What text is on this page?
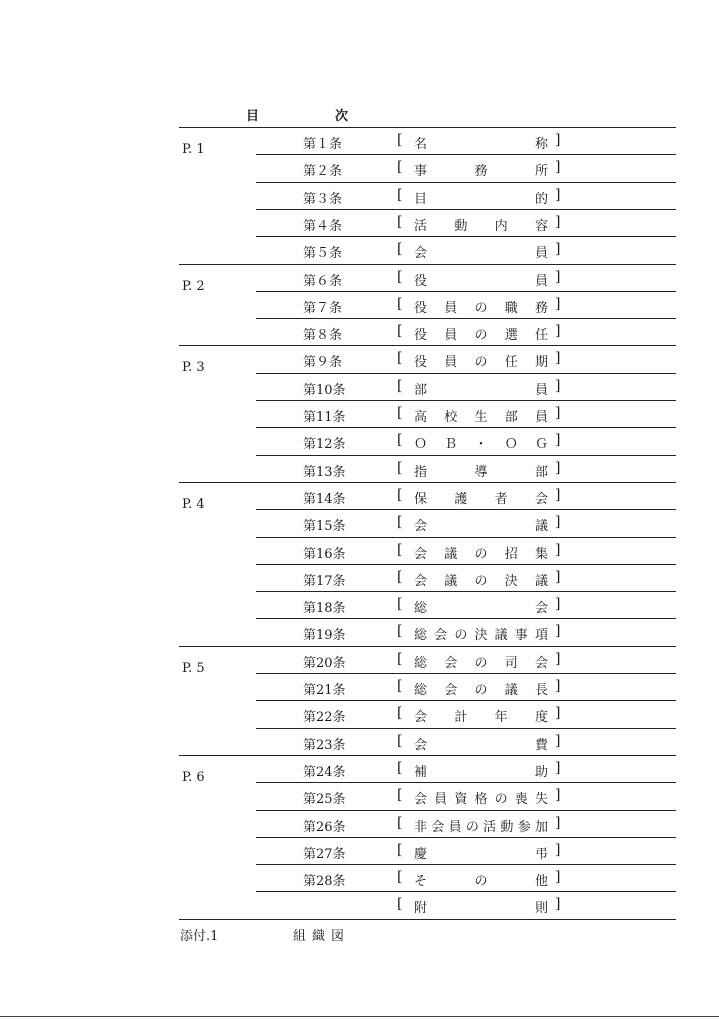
目	次
P. 1	第１条	[ 名	称 ]
第２条	[ 事	務	所 ]
第３条	[ 目	的 ]
第４条	[ 活 動 内 容 ]
第５条	[ 会	員 ]
P. 2	第６条	[ 役	員 ]
第７条	[ 役 員 の 職 務 ]
第８条	[ 役 員 の 選 任 ]
P. 3	第９条	[ 役 員 の 任 期 ]
第10条	[ 部	員 ]
第11条	[ 高 校 生 部 員 ]
第12条	[ Ｏ Ｂ ・ Ｏ Ｇ ]
第13条	[ 指	導	部 ]
P. 4	第14条	[ 保 護 者 会 ]
第15条	[ 会	議 ]
第16条	[ 会 議 の 招 集 ]
第17条	[ 会 議 の 決 議 ]
第18条	[ 総	会 ]
第19条	[ 総 会 の 決 議 事 項 ]
P. 5	第20条	[ 総 会 の 司 会 ]
第21条	[ 総 会 の 議 長 ]
第22条	[ 会 計 年 度 ]
第23条	[ 会	費 ]
P. 6	第24条	[ 補	助 ]
第25条	[ 会 員 資 格 の 喪 失 ]
第26条	[ 非 会 員 の 活 動 参 加 ]
第27条	[ 慶	弔 ]
第28条	[ そ	の	他 ]
[ 附	則 ]
添付.1	組織図
